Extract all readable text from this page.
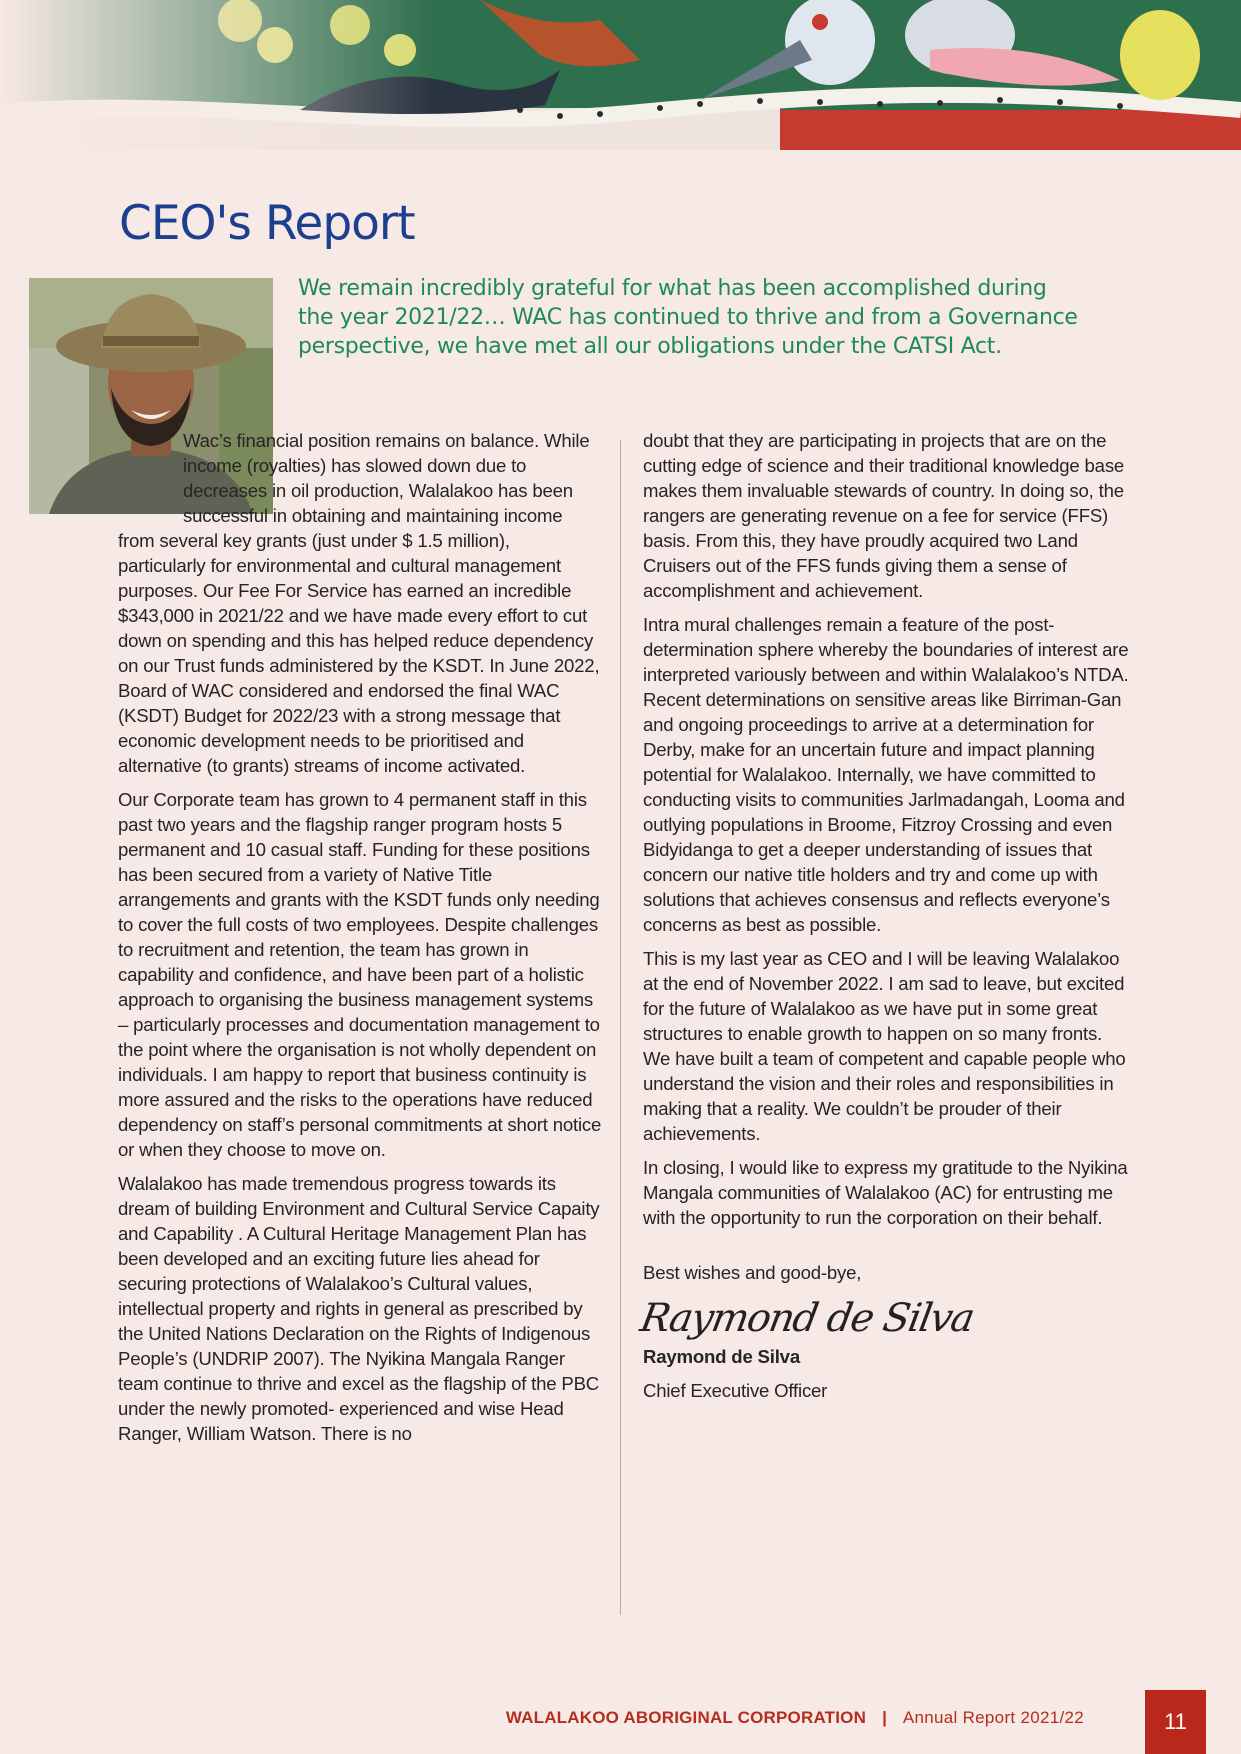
CEO's Report

We remain incredibly grateful for what has been accomplished during the year 2021/22… WAC has continued to thrive and from a Governance perspective, we have met all our obligations under the CATSI Act.

Wac’s financial position remains on balance. While income (royalties) has slowed down due to decreases in oil production, Walalakoo has been successful in obtaining and maintaining income from several key grants (just under $ 1.5 million), particularly for environmental and cultural management purposes. Our Fee For Service has earned an incredible $343,000 in 2021/22 and we have made every effort to cut down on spending and this has helped reduce dependency on our Trust funds administered by the KSDT. In June 2022, Board of WAC considered and endorsed the final WAC (KSDT) Budget for 2022/23 with a strong message that economic development needs to be prioritised and alternative (to grants) streams of income activated.

Our Corporate team has grown to 4 permanent staff in this past two years and the flagship ranger program hosts 5 permanent and 10 casual staff. Funding for these positions has been secured from a variety of Native Title arrangements and grants with the KSDT funds only needing to cover the full costs of two employees. Despite challenges to recruitment and retention, the team has grown in capability and confidence, and have been part of a holistic approach to organising the business management systems – particularly processes and documentation management to the point where the organisation is not wholly dependent on individuals. I am happy to report that business continuity is more assured and the risks to the operations have reduced dependency on staff’s personal commitments at short notice or when they choose to move on.

Walalakoo has made tremendous progress towards its dream of building Environment and Cultural Service Capaity and Capability . A Cultural Heritage Management Plan has been developed and an exciting future lies ahead for securing protections of Walalakoo’s Cultural values, intellectual property and rights in general as prescribed by the United Nations Declaration on the Rights of Indigenous People’s (UNDRIP 2007). The Nyikina Mangala Ranger team continue to thrive and excel as the flagship of the PBC under the newly promoted- experienced and wise Head Ranger, William Watson. There is no

doubt that they are participating in projects that are on the cutting edge of science and their traditional knowledge base makes them invaluable stewards of country. In doing so, the rangers are generating revenue on a fee for service (FFS) basis. From this, they have proudly acquired two Land Cruisers out of the FFS funds giving them a sense of accomplishment and achievement.

Intra mural challenges remain a feature of the post-determination sphere whereby the boundaries of interest are interpreted variously between and within Walalakoo’s NTDA. Recent determinations on sensitive areas like Birriman-Gan and ongoing proceedings to arrive at a determination for Derby, make for an uncertain future and impact planning potential for Walalakoo. Internally, we have committed to conducting visits to communities Jarlmadangah, Looma and outlying populations in Broome, Fitzroy Crossing and even Bidyidanga to get a deeper understanding of issues that concern our native title holders and try and come up with solutions that achieves consensus and reflects everyone’s concerns as best as possible.

This is my last year as CEO and I will be leaving Walalakoo at the end of November 2022. I am sad to leave, but excited for the future of Walalakoo as we have put in some great structures to enable growth to happen on so many fronts. We have built a team of competent and capable people who understand the vision and their roles and responsibilities in making that a reality. We couldn’t be prouder of their achievements.

In closing, I would like to express my gratitude to the Nyikina Mangala communities of Walalakoo (AC) for entrusting me with the opportunity to run the corporation on their behalf.

Best wishes and good-bye,

Raymond de Silva

Raymond de Silva

Chief Executive Officer

WALALAKOO ABORIGINAL CORPORATION | Annual Report 2021/22	11
